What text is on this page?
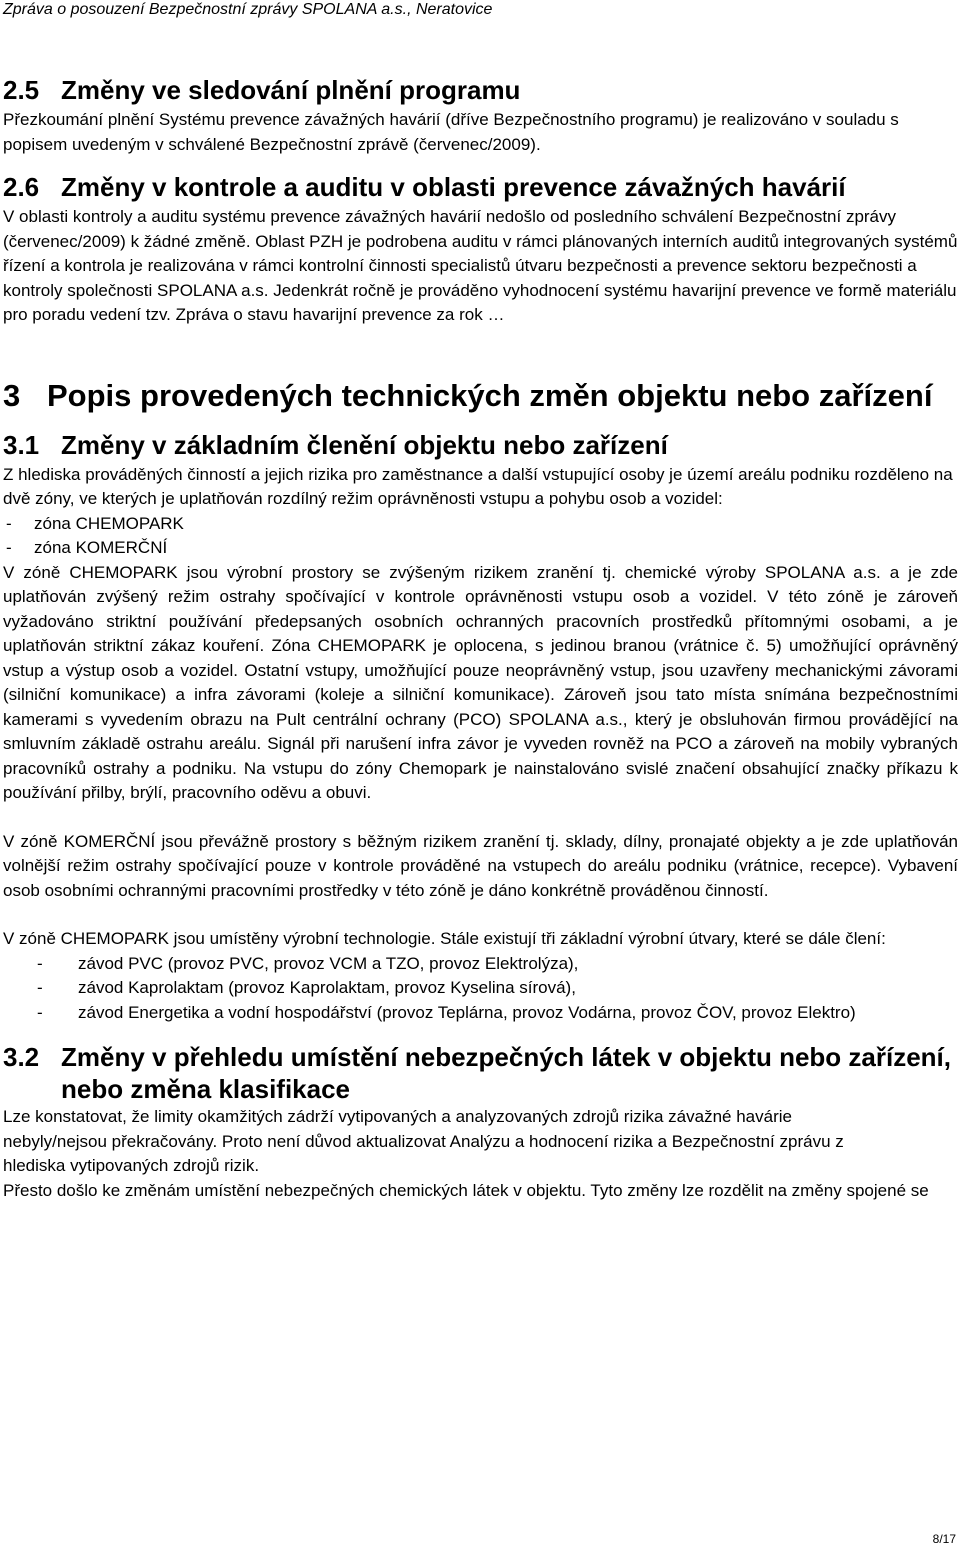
Zpráva o posouzení Bezpečnostní zprávy SPOLANA a.s., Neratovice
2.5 Změny ve sledování plnění programu

Přezkoumání plnění Systému prevence závažných havárií (dříve Bezpečnostního programu) je realizováno v souladu s popisem uvedeným v schválené Bezpečnostní zprávě (červenec/2009).

2.6 Změny v kontrole a auditu v oblasti prevence závažných havárií

V oblasti kontroly a auditu systému prevence závažných havárií nedošlo od posledního schválení Bezpečnostní zprávy (červenec/2009) k žádné změně. Oblast PZH je podrobena auditu v rámci plánovaných interních auditů integrovaných systémů řízení a kontrola je realizována v rámci kontrolní činnosti specialistů útvaru bezpečnosti a prevence sektoru bezpečnosti a kontroly společnosti SPOLANA a.s. Jedenkrát ročně je prováděno vyhodnocení systému havarijní prevence ve formě materiálu pro poradu vedení tzv. Zpráva o stavu havarijní prevence za rok …

3 Popis provedených technických změn objektu nebo zařízení
3.1 Změny v základním členění objektu nebo zařízení

Z hlediska prováděných činností a jejich rizika pro zaměstnance a další vstupující osoby je území areálu podniku rozděleno na dvě zóny, ve kterých je uplatňován rozdílný režim oprávněnosti vstupu a pohybu osob a vozidel:

-	zóna CHEMOPARK
-	zóna KOMERČNÍ

V zóně CHEMOPARK jsou výrobní prostory se zvýšeným rizikem zranění tj. chemické výroby SPOLANA a.s. a je zde uplatňován zvýšený režim ostrahy spočívající v kontrole oprávněnosti vstupu osob a vozidel. V této zóně je zároveň vyžadováno striktní používání předepsaných osobních ochranných pracovních prostředků přítomnými osobami, a je uplatňován striktní zákaz kouření. Zóna CHEMOPARK je oplocena, s jedinou branou (vrátnice č. 5) umožňující oprávněný vstup a výstup osob a vozidel. Ostatní vstupy, umožňující pouze neoprávněný vstup, jsou uzavřeny mechanickými závorami (silniční komunikace) a infra závorami (koleje a silniční komunikace). Zároveň jsou tato místa snímána bezpečnostními kamerami s vyvedením obrazu na Pult centrální ochrany (PCO) SPOLANA a.s., který je obsluhován firmou provádějící na smluvním základě ostrahu areálu. Signál při narušení infra závor je vyveden rovněž na PCO a zároveň na mobily vybraných pracovníků ostrahy a podniku. Na vstupu do zóny Chemopark je nainstalováno svislé značení obsahující značky příkazu k používání přilby, brýlí, pracovního oděvu a obuvi.

V zóně KOMERČNÍ jsou převážně prostory s běžným rizikem zranění tj. sklady, dílny, pronajaté objekty a je zde uplatňován volnější režim ostrahy spočívající pouze v kontrole prováděné na vstupech do areálu podniku (vrátnice, recepce). Vybavení osob osobními ochrannými pracovními prostředky v této zóně je dáno konkrétně prováděnou činností.

V zóně CHEMOPARK jsou umístěny výrobní technologie. Stále existují tři základní výrobní útvary, které se dále člení:

-	závod PVC (provoz PVC, provoz VCM a TZO, provoz Elektrolýza),
-	závod Kaprolaktam (provoz Kaprolaktam, provoz Kyselina sírová),
-	závod Energetika a vodní hospodářství (provoz Teplárna, provoz Vodárna, provoz ČOV, provoz Elektro)
3.2 Změny v přehledu umístění nebezpečných látek v objektu nebo zařízení, nebo změna klasifikace

Lze konstatovat, že limity okamžitých zádrží vytipovaných a analyzovaných zdrojů rizika závažné havárie nebyly/nejsou překračovány. Proto není důvod aktualizovat Analýzu a hodnocení rizika a Bezpečnostní zprávu z hlediska vytipovaných zdrojů rizik.

Přesto došlo ke změnám umístění nebezpečných chemických látek v objektu. Tyto změny lze rozdělit na změny spojené se

8/17
